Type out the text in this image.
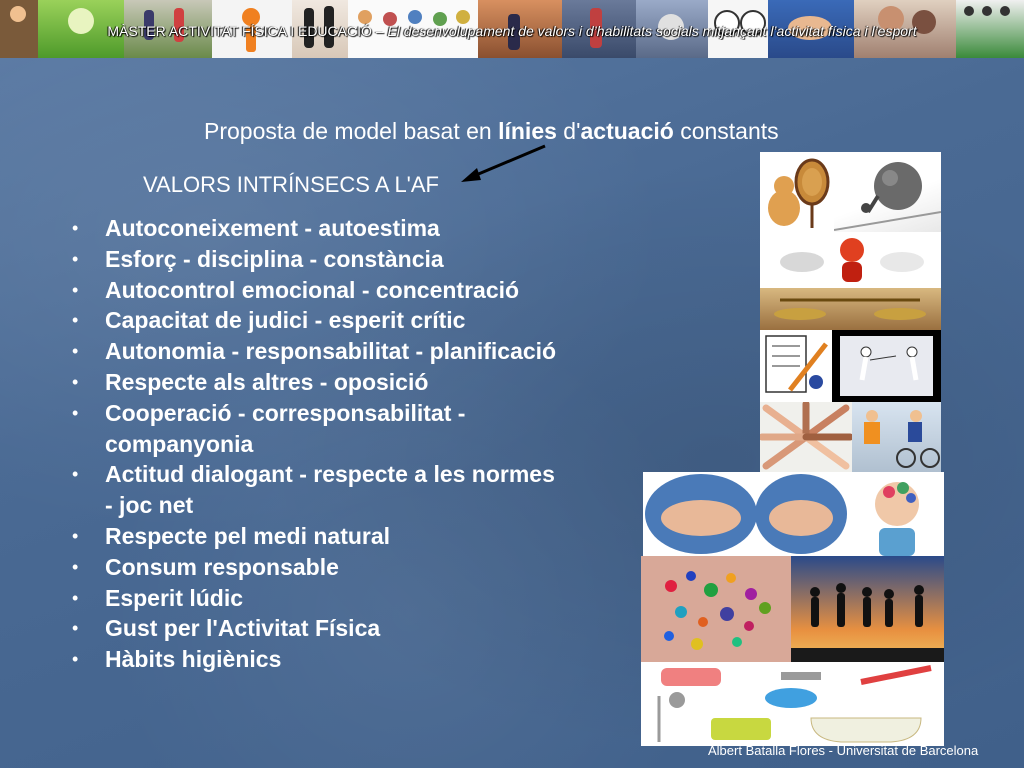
MÀSTER ACTIVITAT FÍSICA I EDUCACIÓ – El desenvolupament de valors i d’habilitats socials mitjançant l’activitat física i l’esport
Proposta de model basat en línies d'actuació constants
VALORS INTRÍNSECS A L'AF
• Autoconeixement - autoestima
• Esforç - disciplina - constància
• Autocontrol emocional - concentració
• Capacitat de judici - esperit crític
• Autonomia - responsabilitat - planificació
• Respecte als altres - oposició
• Cooperació - corresponsabilitat -
companyonia
• Actitud dialogant - respecte a les normes
- joc net
• Respecte pel medi natural
• Consum responsable
• Esperit lúdic
• Gust per l'Activitat Física
• Hàbits higiènics
Albert Batalla Flores - Universitat de Barcelona
